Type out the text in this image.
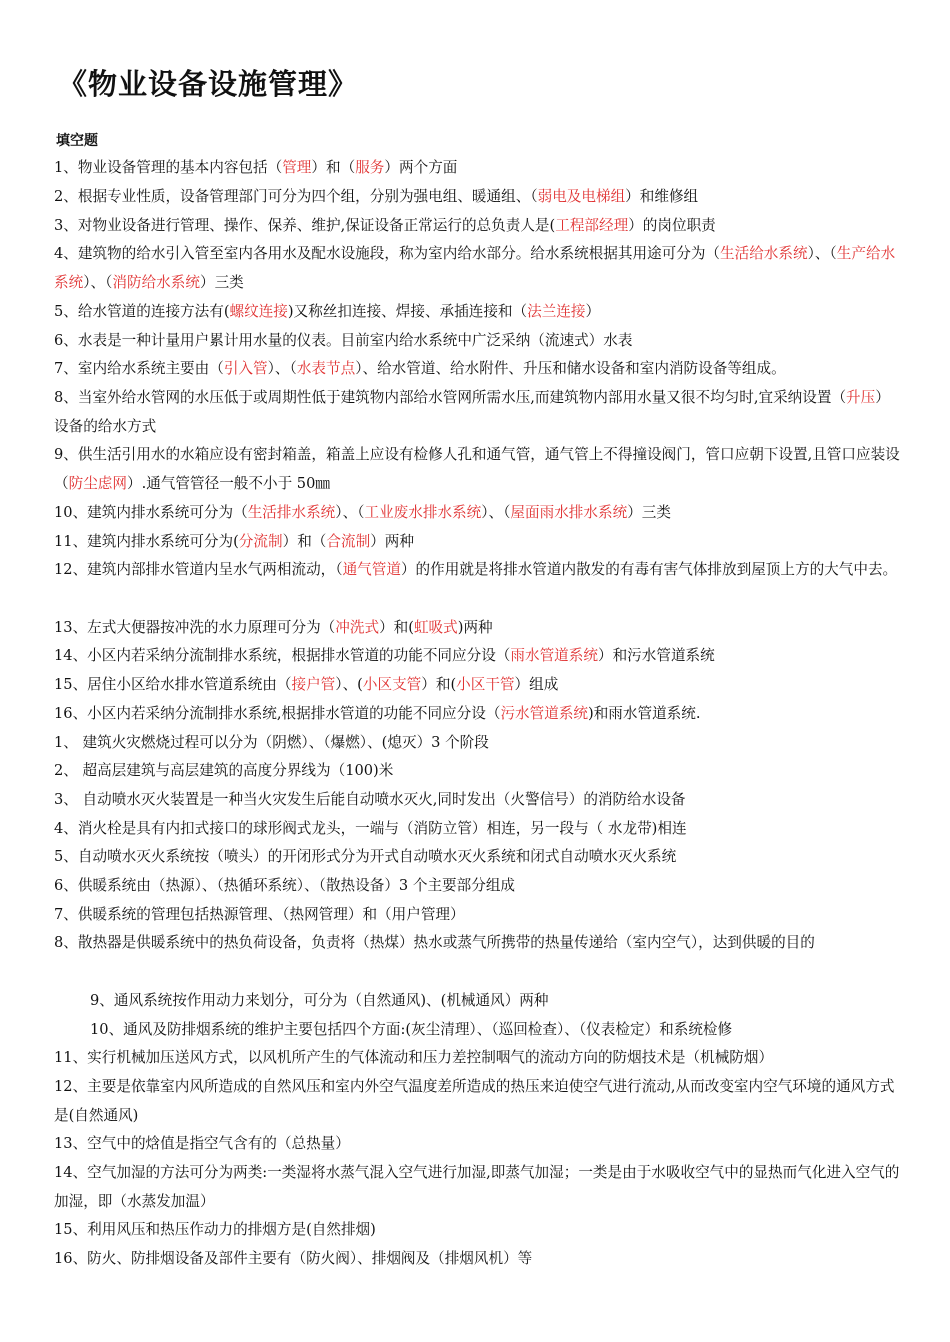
《物业设备设施管理》
填空题
1、物业设备管理的基本内容包括（管理）和（服务）两个方面
2、根据专业性质，设备管理部门可分为四个组，分别为强电组、暖通组、（弱电及电梯组）和维修组
3、对物业设备进行管理、操作、保养、维护,保证设备正常运行的总负责人是(工程部经理）的岗位职责
4、建筑物的给水引入管至室内各用水及配水设施段，称为室内给水部分。给水系统根据其用途可分为（生活给水系统）、（生产给水系统）、（消防给水系统）三类
5、给水管道的连接方法有(螺纹连接)又称丝扣连接、焊接、承插连接和（法兰连接）
6、水表是一种计量用户累计用水量的仪表。目前室内给水系统中广泛采纳（流速式）水表
7、室内给水系统主要由（引入管）、（水表节点）、给水管道、给水附件、升压和储水设备和室内消防设备等组成。
8、当室外给水管网的水压低于或周期性低于建筑物内部给水管网所需水压,而建筑物内部用水量又很不均匀时,宜采纳设置（升压）设备的给水方式
9、供生活引用水的水箱应设有密封箱盖，箱盖上应设有检修人孔和通气管，通气管上不得撞设阀门，管口应朝下设置,且管口应装设（防尘虑网）.通气管管径一般不小于 50㎜
10、建筑内排水系统可分为（生活排水系统）、（工业废水排水系统）、（屋面雨水排水系统）三类
11、建筑内排水系统可分为(分流制）和（合流制）两种
12、建筑内部排水管道内呈水气两相流动，（通气管道）的作用就是将排水管道内散发的有毒有害气体排放到屋顶上方的大气中去。
13、左式大便器按冲洗的水力原理可分为（冲洗式）和(虹吸式)两种
14、小区内若采纳分流制排水系统，根据排水管道的功能不同应分设（雨水管道系统）和污水管道系统
15、居住小区给水排水管道系统由（接户管）、(小区支管）和(小区干管）组成
16、小区内若采纳分流制排水系统,根据排水管道的功能不同应分设（污水管道系统)和雨水管道系统.
1、 建筑火灾燃烧过程可以分为（阴燃）、（爆燃）、(熄灭）3 个阶段
2、 超高层建筑与高层建筑的高度分界线为（100)米
3、 自动喷水灭火装置是一种当火灾发生后能自动喷水灭火,同时发出（火警信号）的消防给水设备
4、消火栓是具有内扣式接口的球形阀式龙头，一端与（消防立管）相连，另一段与（ 水龙带)相连
5、自动喷水灭火系统按（喷头）的开闭形式分为开式自动喷水灭火系统和闭式自动喷水灭火系统
6、供暖系统由（热源）、（热循环系统）、（散热设备）3 个主要部分组成
7、供暖系统的管理包括热源管理、（热网管理）和（用户管理）
8、散热器是供暖系统中的热负荷设备，负责将（热煤）热水或蒸气所携带的热量传递给（室内空气），达到供暖的目的
9、通风系统按作用动力来划分，可分为（自然通风)、(机械通风）两种
10、通风及防排烟系统的维护主要包括四个方面:(灰尘清理）、（巡回检查）、（仪表检定）和系统检修
11、实行机械加压送风方式，以风机所产生的气体流动和压力差控制咽气的流动方向的防烟技术是（机械防烟）
12、主要是依靠室内风所造成的自然风压和室内外空气温度差所造成的热压来迫使空气进行流动,从而改变室内空气环境的通风方式是(自然通风)
13、空气中的焓值是指空气含有的（总热量）
14、空气加湿的方法可分为两类:一类湿将水蒸气混入空气进行加湿,即蒸气加湿；一类是由于水吸收空气中的显热而气化进入空气的加湿，即（水蒸发加温）
15、利用风压和热压作动力的排烟方是(自然排烟)
16、防火、防排烟设备及部件主要有（防火阀）、排烟阀及（排烟风机）等
